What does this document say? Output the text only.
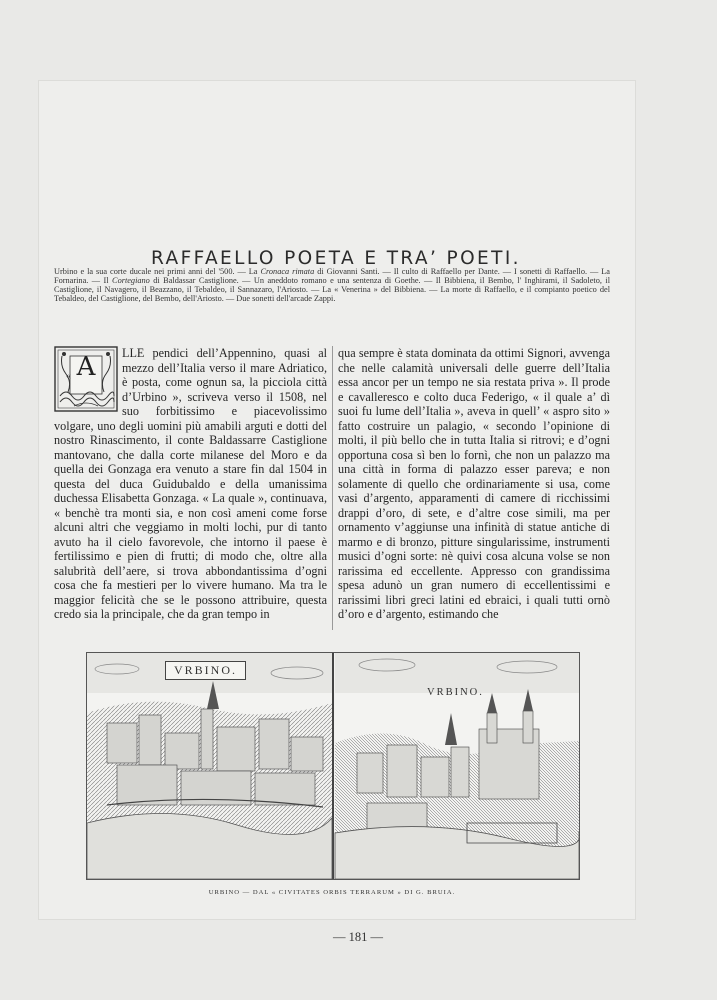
RAFFAELLO POETA E TRA’ POETI.
Urbino e la sua corte ducale nei primi anni del '500. — La Cronaca rimata di Giovanni Santi. — Il culto di Raffaello per Dante. — I sonetti di Raffaello. — La Fornarina. — Il Cortegiano di Baldassar Castiglione. — Un aneddoto romano e una sentenza di Goethe. — Il Bibbiena, il Bembo, l' Inghirami, il Sadoleto, il Castiglione, il Navagero, il Beazzano, il Tebaldeo, il Sannazaro, l'Ariosto. — La « Venerina » del Bibbiena. — La morte di Raffaello, e il compianto poetico del Tebaldeo, del Castiglione, del Bembo, dell'Ariosto. — Due sonetti dell'arcade Zappi.
« A	LLE pendici dell’Appennino, quasi al mezzo dell’Italia verso il mare Adriatico, è posta, come ognun sa, la picciola città d’Urbino », scriveva verso il 1508, nel suo forbitissimo e piacevolissimo volgare, uno degli uomini più amabili arguti e dotti del nostro Rinascimento, il conte Baldassarre Castiglione mantovano, che dalla corte milanese del Moro e da quella dei Gonzaga era venuto a stare fin dal 1504 in questa del duca Guidubaldo e della umanissima duchessa Elisabetta Gonzaga. « La quale », continuava, « benchè tra monti sia, e non così ameni come forse alcuni altri che veggiamo in molti lochi, pur di tanto avuto ha il cielo favorevole, che intorno il paese è fertilissimo e pien di frutti; di modo che, oltre alla salubrità dell’aere, si trova abbondantissima d’ogni cosa che fa mestieri per lo vivere humano. Ma tra le maggior felicità che se le possono attribuire, questa credo sia la principale, che da gran tempo in
qua sempre è stata dominata da ottimi Signori, avvenga che nelle calamità universali delle guerre dell’Italia essa ancor per un tempo ne sia restata priva ». Il prode e cavalleresco e colto duca Federigo, « il quale a’ dì suoi fu lume dell’Italia », aveva in quell’ « aspro sito » fatto costruire un palagio, « secondo l’opinione di molti, il più bello che in tutta Italia si ritrovi; e d’ogni opportuna cosa sì ben lo fornì, che non un palazzo ma una città in forma di palazzo esser pareva; e non solamente di quello che ordinariamente si usa, come vasi d’argento, apparamenti di camere di ricchissimi drappi d’oro, di sete, e d’altre cose simili, ma per ornamento v’aggiunse una infinità di statue antiche di marmo e di bronzo, pitture singularissime, instrumenti musici d’ogni sorte: nè quivi cosa alcuna volse se non rarissima ed eccellente. Appresso con grandissima spesa adunò un gran numero di eccellentissimi e rarissimi libri greci latini ed ebraici, i quali tutti ornò d’oro e d’argento, estimando che
VRBINO.
VRBINO.
URBINO — DAL « CIVITATES ORBIS TERRARUM » DI G. BRUIA.
— 181 —
